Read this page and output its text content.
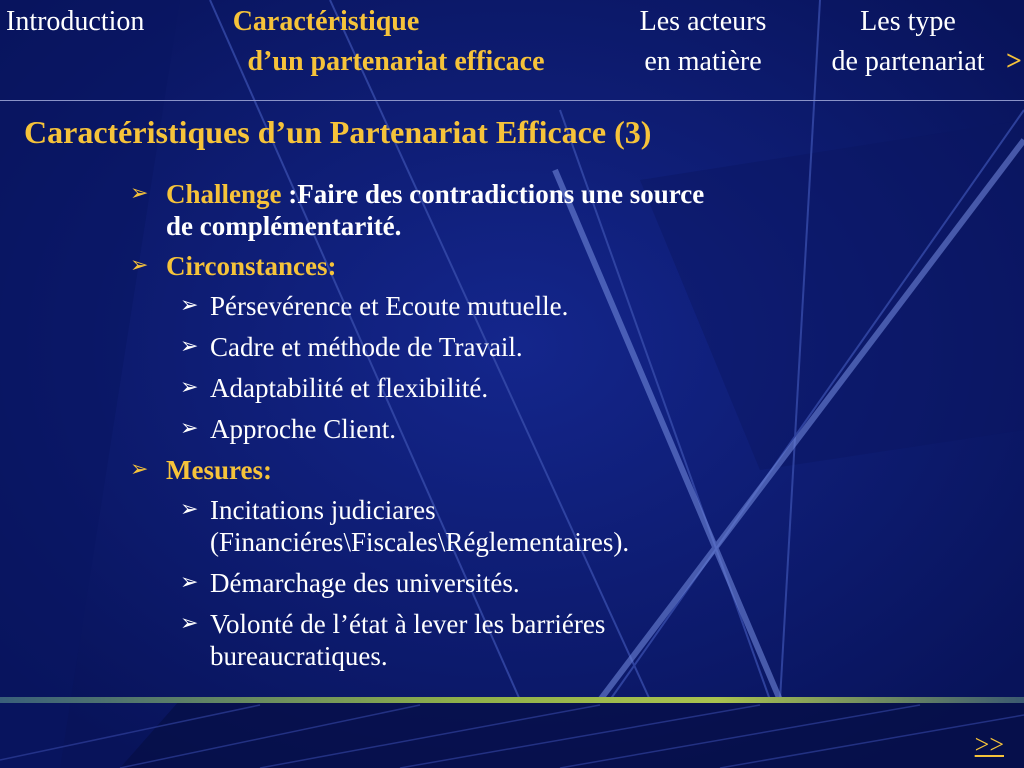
Introduction	Caractéristique
d’un partenariat efficace
Les acteurs
en matière
Les type
de partenariat >
Caractéristiques d’un Partenariat Efficace (3)
➢ Challenge :Faire des contradictions une source
de complémentarité.
➢ Circonstances:
➢ Pérsevérence et Ecoute mutuelle.
➢ Cadre et méthode de Travail.
➢ Adaptabilité et flexibilité.
➢ Approche Client.
➢ Mesures:
➢ Incitations judiciares
(Financiéres\Fiscales\Réglementaires).
➢ Démarchage des universités.
➢ Volonté de l’état à lever les barriéres
bureaucratiques.
>>
